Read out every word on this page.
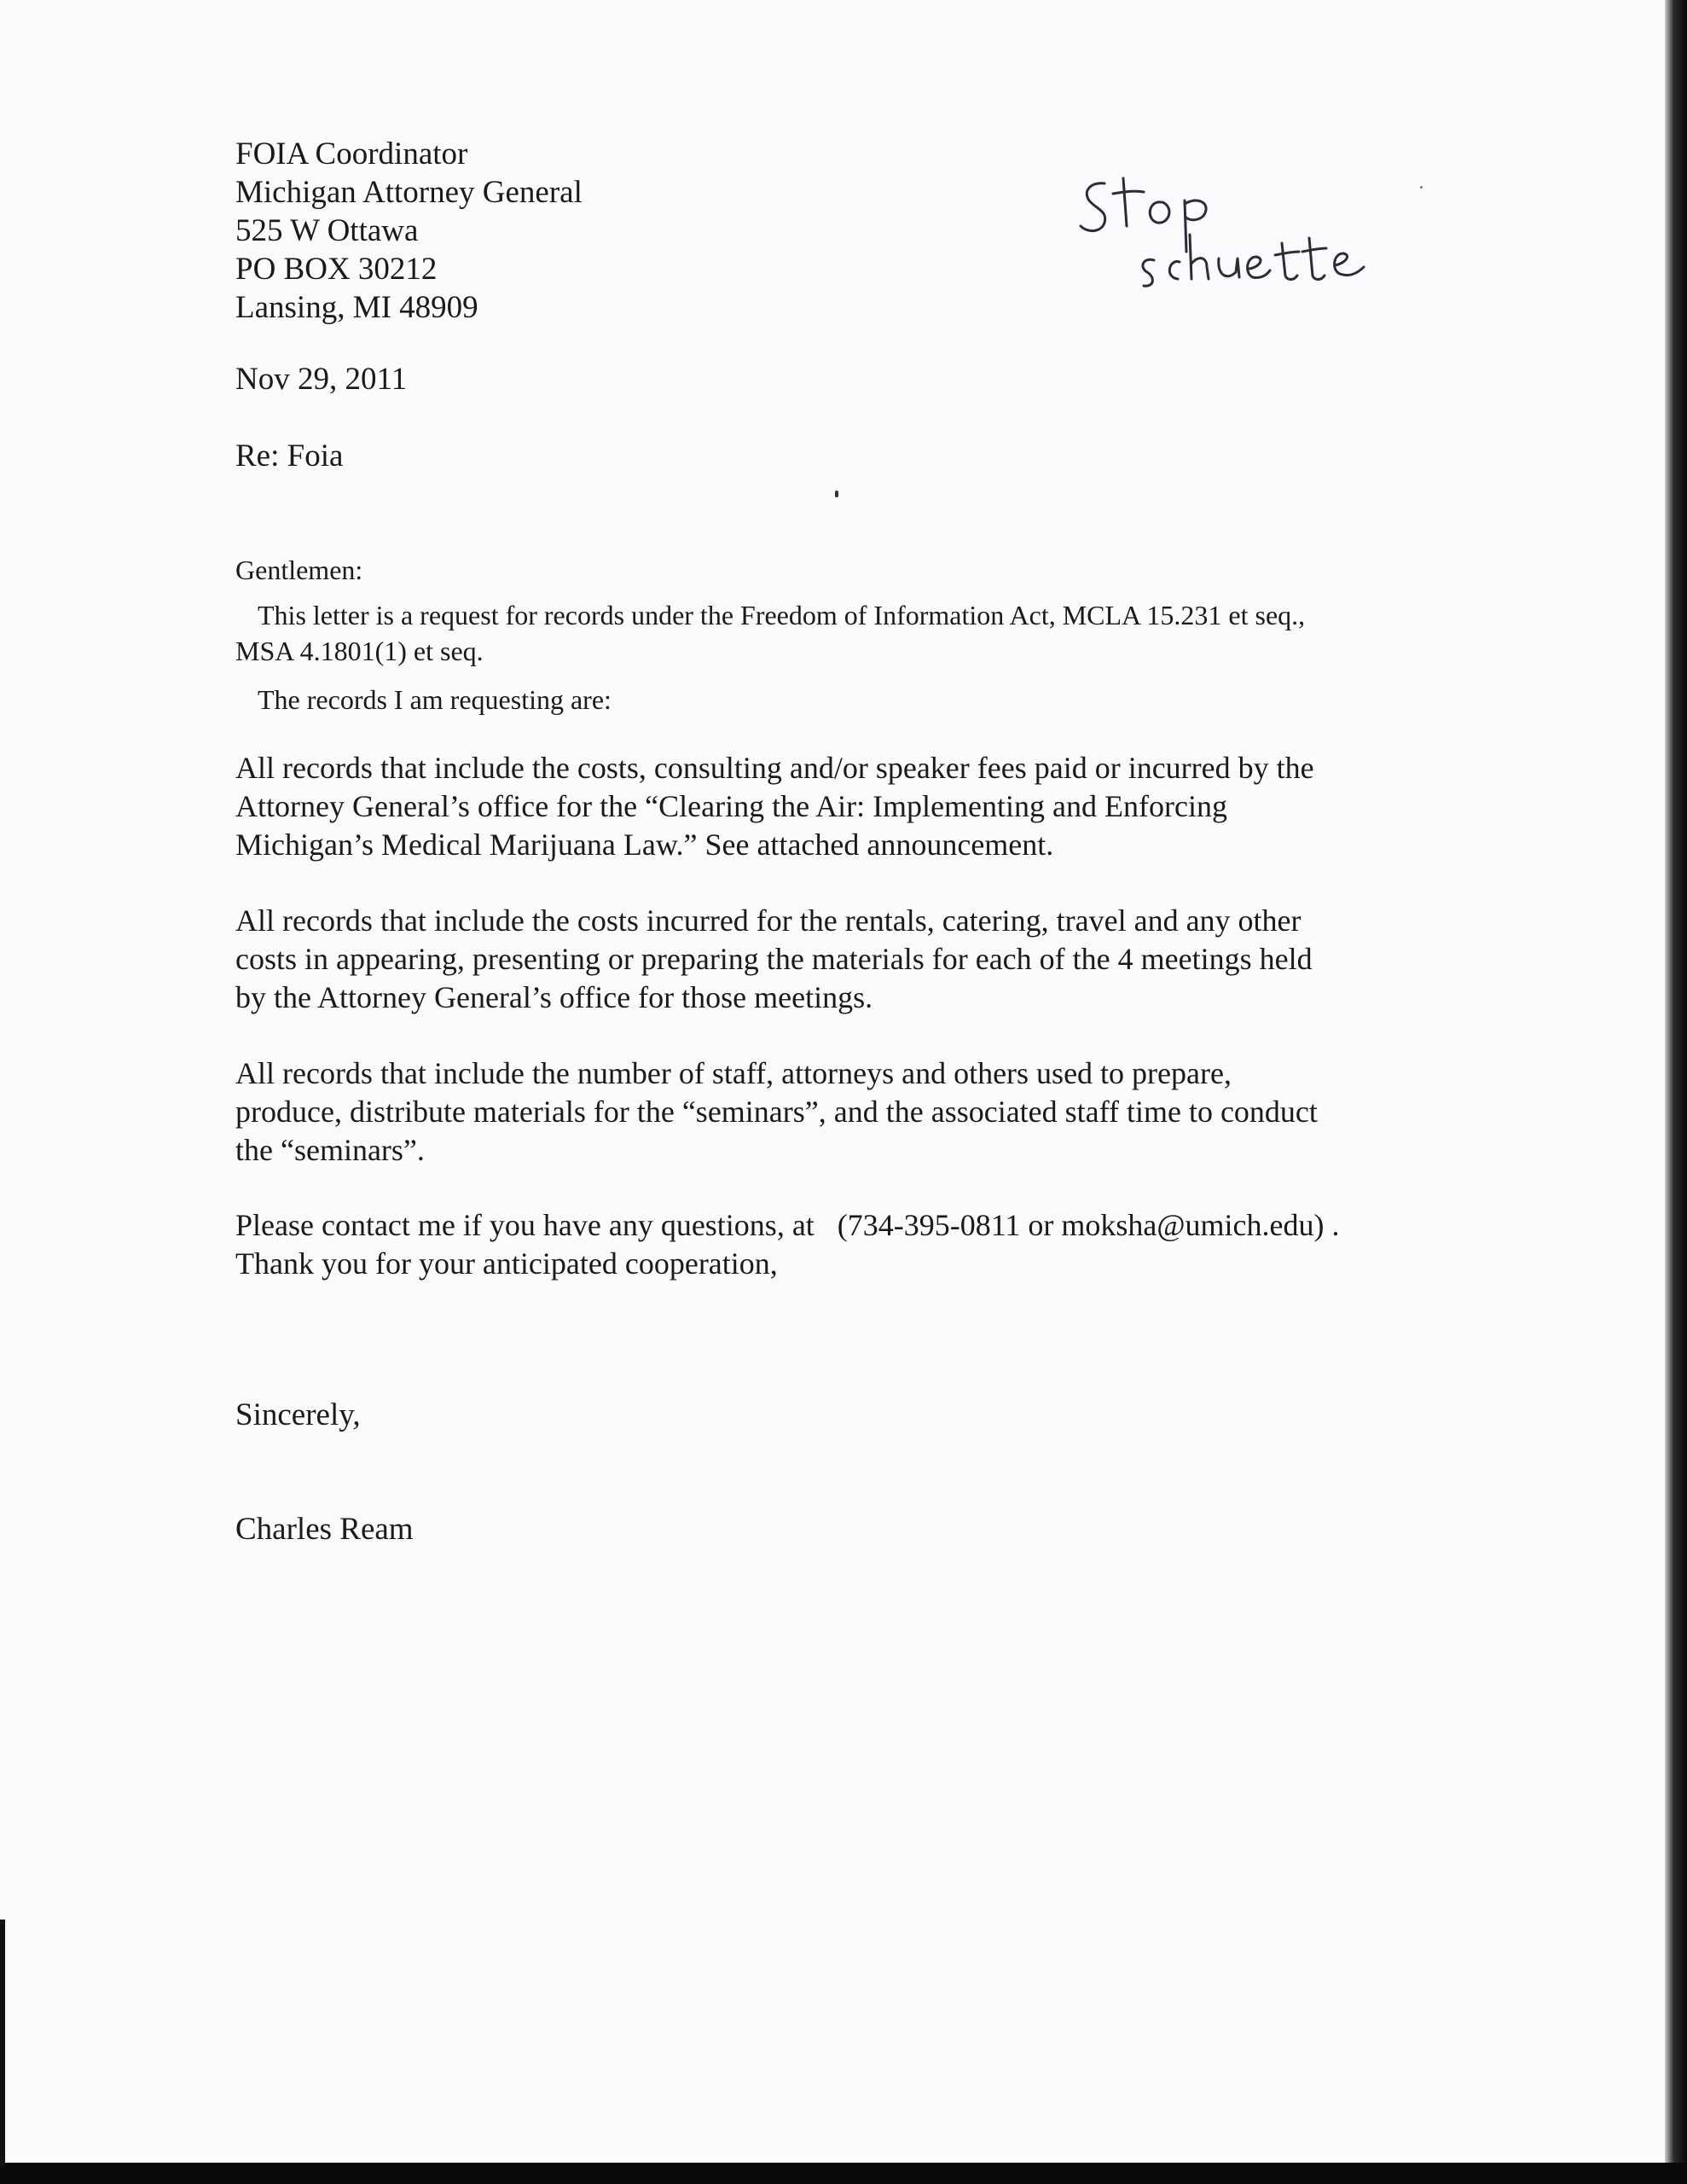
FOIA Coordinator
Michigan Attorney General
525 W Ottawa
PO BOX 30212
Lansing, MI 48909
Nov 29, 2011
Re: Foia
Gentlemen:
This letter is a request for records under the Freedom of Information Act, MCLA 15.231 et seq.,
MSA 4.1801(1) et seq.
The records I am requesting are:
All records that include the costs, consulting and/or speaker fees paid or incurred by the
Attorney General’s office for the “Clearing the Air: Implementing and Enforcing
Michigan’s Medical Marijuana Law.” See attached announcement.
All records that include the costs incurred for the rentals, catering, travel and any other
costs in appearing, presenting or preparing the materials for each of the 4 meetings held
by the Attorney General’s office for those meetings.
All records that include the number of staff, attorneys and others used to prepare,
produce, distribute materials for the “seminars”, and the associated staff time to conduct
the “seminars”.
Please contact me if you have any questions, at   (734-395-0811 or moksha@umich.edu) .
Thank you for your anticipated cooperation,
Sincerely,
Charles Ream
